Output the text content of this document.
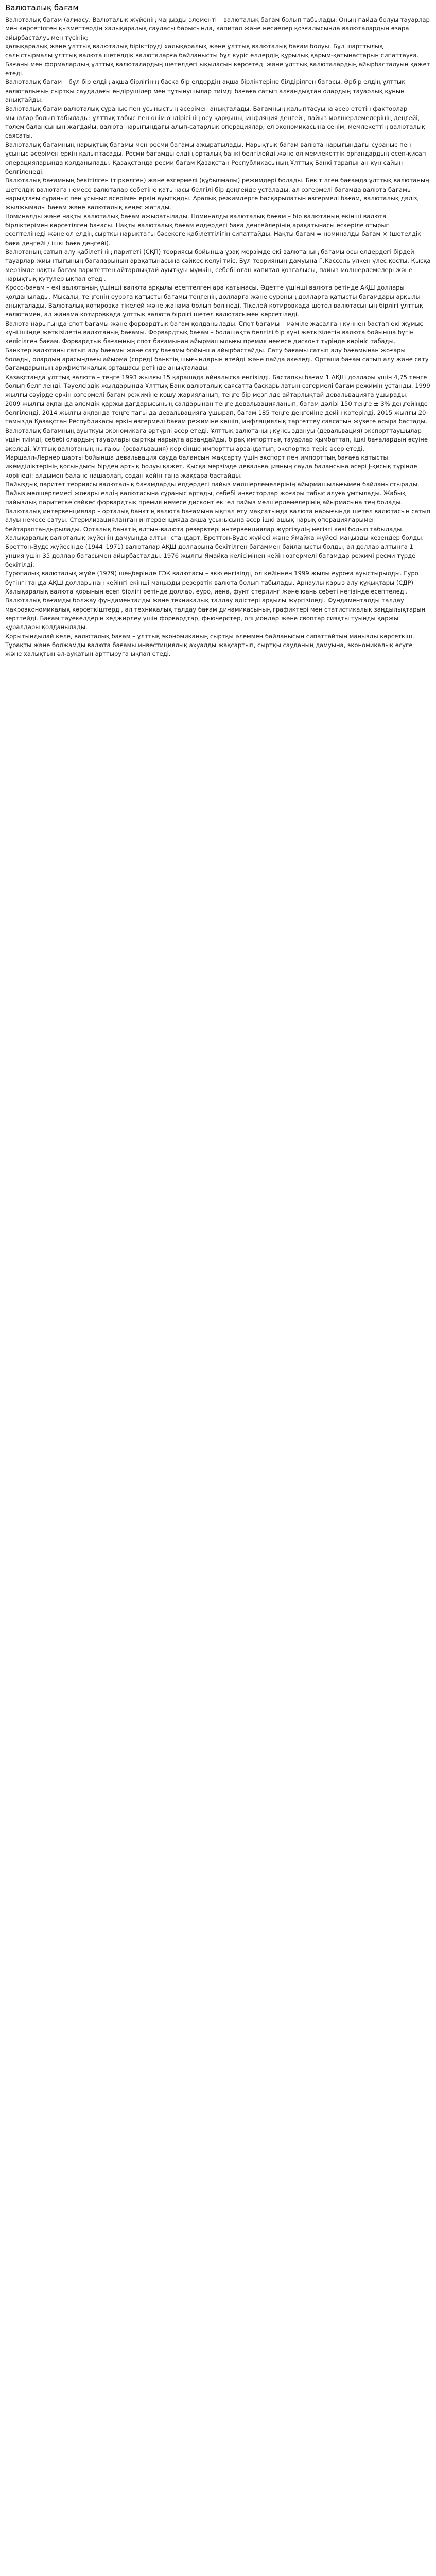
Валюталық бағам

Валюталық бағам (алмасу. Валюталық жүйенің маңызды элементі – валюталық бағам болып табылады. Оның пайда болуы тауарлар мен көрсетілген қызметтердің халықаралық саудасы барысында, капитал және несиелер қозғалысында валюталардың өзара айырбасталуымен түсінік;

ҳалықаралық және ұлттық валюталық біріктіруді халықаралық және ұлттық валюталық бағам болуы. Бұл шарттылық салыстырмалы ұлттық валюта шетелдік валюталарға байланысты бұл күріс елдердің құрылық қарым-қатынастарын сипаттауға. Бағаны мен формалардың ұлттық валюталардың шетелдегі ықыласын көрсетеді және ұлттық валюталардың айырбасталуын қажет етеді.

Валюталық бағам – бұл бір елдің ақша бірлігінің басқа бір елдердің ақша бірліктеріне білдірілген бағасы. Әрбір елдің ұлттық валюталығын сыртқы саудадағы өндірушілер мен тұтынушылар тиімді бағаға сатып алғандықтан олардың тауарлық құнын анықтайды.

Валюталық бағам валюталық сұраныс пен ұсыныстың әсерімен анықталады. Бағамның қалыптасуына әсер ететін факторлар мыналар болып табылады: ұлттық табыс пен өнім өндірісінің өсу қарқыны, инфляция деңгейі, пайыз мөлшерлемелерінің деңгейі, төлем балансының жағдайы, валюта нарығындағы алып-сатарлық операциялар, ел экономикасына сенім, мемлекеттің валюталық саясаты.

Валюталық бағамның нарықтық бағамы мен ресми бағамы ажыратылады. Нарықтық бағам валюта нарығындағы сұраныс пен ұсыныс әсерімен еркін қалыптасады. Ресми бағамды елдің орталық банкі белгілейді және ол мемлекеттік органдардың есеп-қисап операцияларында қолданылады. Қазақстанда ресми бағам Қазақстан Республикасының Ұлттық Банкі тарапынан күн сайын белгіленеді.

Валюталық бағамның бекітілген (тіркелген) және өзгермелі (құбылмалы) режимдері болады. Бекітілген бағамда ұлттық валютаның шетелдік валютаға немесе валюталар себетіне қатынасы белгілі бір деңгейде ұсталады, ал өзгермелі бағамда валюта бағамы нарықтағы сұраныс пен ұсыныс әсерімен еркін ауытқиды. Аралық режимдерге басқарылатын өзгермелі бағам, валюталық дәліз, жылжымалы бағам және валюталық кеңес жатады.

Номиналды және нақты валюталық бағам ажыратылады. Номиналды валюталық бағам – бір валютаның екінші валюта бірліктерімен көрсетілген бағасы. Нақты валюталық бағам елдердегі баға деңгейлерінің арақатынасы ескеріле отырып есептелінеді және ол елдің сыртқы нарықтағы бәсекеге қабілеттілігін сипаттайды. Нақты бағам = номиналды бағам × (шетелдік баға деңгейі / ішкі баға деңгейі).

Валютаның сатып алу қабілетінің паритеті (СҚП) теориясы бойынша ұзақ мерзімде екі валютаның бағамы осы елдердегі бірдей тауарлар жиынтығының бағаларының арақатынасына сәйкес келуі тиіс. Бұл теорияның дамуына Г.Кассель үлкен үлес қосты. Қысқа мерзімде нақты бағам паритеттен айтарлықтай ауытқуы мүмкін, себебі оған капитал қозғалысы, пайыз мөлшерлемелері және нарықтық күтулер ықпал етеді.

Кросс-бағам – екі валютаның үшінші валюта арқылы есептелген ара қатынасы. Әдетте үшінші валюта ретінде АҚШ доллары қолданылады. Мысалы, теңгенің еуроға қатысты бағамы теңгенің долларға және еуроның долларға қатысты бағамдары арқылы анықталады. Валюталық котировка тікелей және жанама болып бөлінеді. Тікелей котировкада шетел валютасының бірлігі ұлттық валютамен, ал жанама котировкада ұлттық валюта бірлігі шетел валютасымен көрсетіледі.

Валюта нарығында спот бағамы және форвардтық бағам қолданылады. Спот бағамы – мәміле жасалған күннен бастап екі жұмыс күні ішінде жеткізілетін валютаның бағамы. Форвардтық бағам – болашақта белгілі бір күні жеткізілетін валюта бойынша бүгін келісілген бағам. Форвардтық бағамның спот бағамынан айырмашылығы премия немесе дисконт түрінде көрініс табады.

Банктер валютаны сатып алу бағамы және сату бағамы бойынша айырбастайды. Сату бағамы сатып алу бағамынан жоғары болады, олардың арасындағы айырма (спред) банктің шығындарын өтейді және пайда әкеледі. Орташа бағам сатып алу және сату бағамдарының арифметикалық орташасы ретінде анықталады.

Қазақстанда ұлттық валюта – теңге 1993 жылғы 15 қарашада айналысқа енгізілді. Бастапқы бағам 1 АҚШ доллары үшін 4,75 теңге болып белгіленді. Тәуелсіздік жылдарында Ұлттық Банк валюталық саясатта басқарылатын өзгермелі бағам режимін ұстанды. 1999 жылғы сәуірде еркін өзгермелі бағам режиміне көшу жарияланып, теңге бір мезгілде айтарлықтай девальвацияға ұшырады.

2009 жылғы ақпанда әлемдік қаржы дағдарысының салдарынан теңге девальвацияланып, бағам дәлізі 150 теңге ± 3% деңгейінде белгіленді. 2014 жылғы ақпанда теңге тағы да девальвацияға ұшырап, бағам 185 теңге деңгейіне дейін көтерілді. 2015 жылғы 20 тамызда Қазақстан Республикасы еркін өзгермелі бағам режиміне көшіп, инфляциялық таргеттеу саясатын жүзеге асыра бастады.

Валюталық бағамның ауытқуы экономикаға әртүрлі әсер етеді. Ұлттық валютаның құнсыздануы (девальвация) экспорттаушылар үшін тиімді, себебі олардың тауарлары сыртқы нарықта арзандайды, бірақ импорттық тауарлар қымбаттап, ішкі бағалардың өсуіне әкеледі. Ұлттық валютаның нығаюы (ревальвация) керісінше импортты арзандатып, экспортқа теріс әсер етеді.

Маршалл-Лернер шарты бойынша девальвация сауда балансын жақсарту үшін экспорт пен импорттың бағаға қатысты икемділіктерінің қосындысы бірден артық болуы қажет. Қысқа мерзімде девальвацияның сауда балансына әсері J-қисық түрінде көрінеді: алдымен баланс нашарлап, содан кейін ғана жақсара бастайды.

Пайыздық паритет теориясы валюталық бағамдарды елдердегі пайыз мөлшерлемелерінің айырмашылығымен байланыстырады. Пайыз мөлшерлемесі жоғары елдің валютасына сұраныс артады, себебі инвесторлар жоғары табыс алуға ұмтылады. Жабық пайыздық паритетке сәйкес форвардтық премия немесе дисконт екі ел пайыз мөлшерлемелерінің айырмасына тең болады.

Валюталық интервенциялар – орталық банктің валюта бағамына ықпал ету мақсатында валюта нарығында шетел валютасын сатып алуы немесе сатуы. Стерилизацияланған интервенцияда ақша ұсынысына әсер ішкі ашық нарық операцияларымен бейтараптандырылады. Орталық банктің алтын-валюта резервтері интервенциялар жүргізудің негізгі көзі болып табылады.

Халықаралық валюталық жүйенің дамуында алтын стандарт, Бреттон-Вудс жүйесі және Ямайка жүйесі маңызды кезеңдер болды. Бреттон-Вудс жүйесінде (1944–1971) валюталар АҚШ долларына бекітілген бағаммен байланысты болды, ал доллар алтынға 1 унция үшін 35 доллар бағасымен айырбасталды. 1976 жылғы Ямайка келісімінен кейін өзгермелі бағамдар режимі ресми түрде бекітілді.

Еуропалық валюталық жүйе (1979) шеңберінде ЕЭК валютасы – экю енгізілді, ол кейіннен 1999 жылы еуроға ауыстырылды. Еуро бүгінгі таңда АҚШ долларынан кейінгі екінші маңызды резервтік валюта болып табылады. Арнаулы қарыз алу құқықтары (СДР) Халықаралық валюта қорының есеп бірлігі ретінде доллар, еуро, иена, фунт стерлинг және юань себеті негізінде есептеледі.

Валюталық бағамды болжау фундаменталды және техникалық талдау әдістері арқылы жүргізіледі. Фундаменталды талдау макроэкономикалық көрсеткіштерді, ал техникалық талдау бағам динамикасының графиктері мен статистикалық заңдылықтарын зерттейді. Бағам тәуекелдерін хеджирлеу үшін форвардтар, фьючерстер, опциондар және своптар сияқты туынды қаржы құралдары қолданылады.

Қорытындылай келе, валюталық бағам – ұлттық экономиканың сыртқы әлеммен байланысын сипаттайтын маңызды көрсеткіш. Тұрақты және болжамды валюта бағамы инвестициялық ахуалды жақсартып, сыртқы сауданың дамуына, экономикалық өсуге және халықтың әл-ауқатын арттыруға ықпал етеді.
